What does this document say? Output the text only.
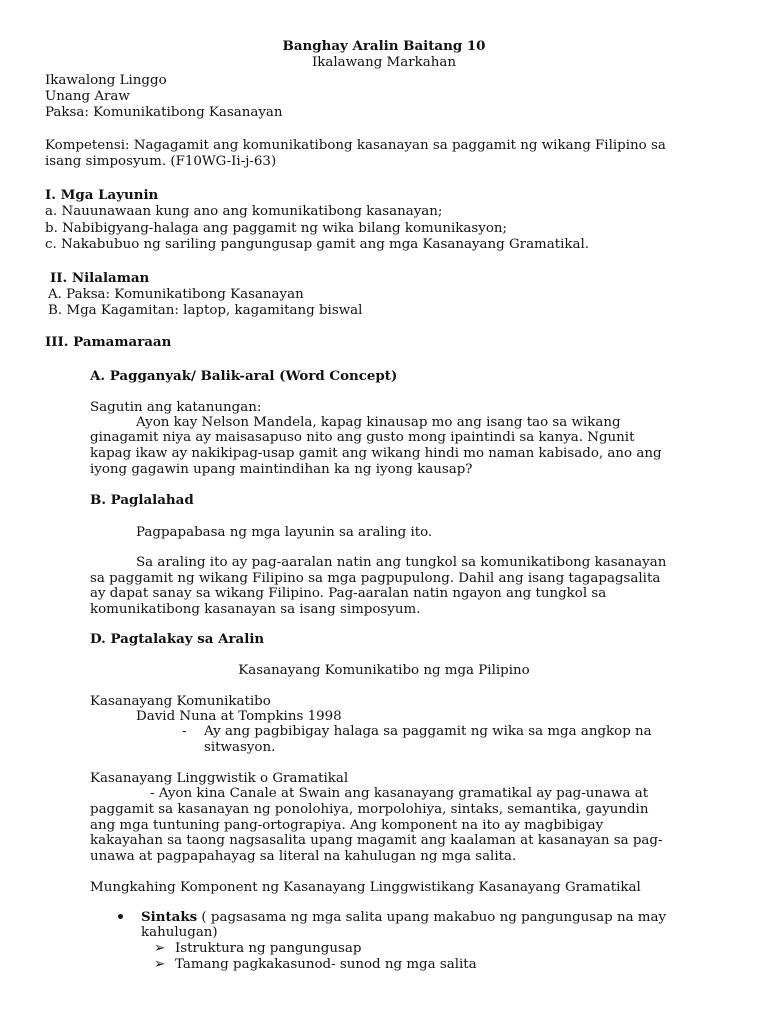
Banghay Aralin Baitang 10
Ikalawang Markahan
Ikawalong Linggo
Unang Araw
Paksa: Komunikatibong Kasanayan
Kompetensi: Nagagamit ang komunikatibong kasanayan sa paggamit ng wikang Filipino sa
isang simposyum. (F10WG-Ii-j-63)
I. Mga Layunin
a. Nauunawaan kung ano ang komunikatibong kasanayan;
b. Nabibigyang-halaga ang paggamit ng wika bilang komunikasyon;
c. Nakabubuo ng sariling pangungusap gamit ang mga Kasanayang Gramatikal.
II. Nilalaman
A. Paksa: Komunikatibong Kasanayan
B. Mga Kagamitan: laptop, kagamitang biswal
III. Pamamaraan
A. Pagganyak/ Balik-aral (Word Concept)
Sagutin ang katanungan:
Ayon kay Nelson Mandela, kapag kinausap mo ang isang tao sa wikang
ginagamit niya ay maisasapuso nito ang gusto mong ipaintindi sa kanya. Ngunit
kapag ikaw ay nakikipag-usap gamit ang wikang hindi mo naman kabisado, ano ang
iyong gagawin upang maintindihan ka ng iyong kausap?
B. Paglalahad
Pagpapabasa ng mga layunin sa araling ito.
Sa araling ito ay pag-aaralan natin ang tungkol sa komunikatibong kasanayan
sa paggamit ng wikang Filipino sa mga pagpupulong. Dahil ang isang tagapagsalita
ay dapat sanay sa wikang Filipino. Pag-aaralan natin ngayon ang tungkol sa
komunikatibong kasanayan sa isang simposyum.
D. Pagtalakay sa Aralin
Kasanayang Komunikatibo ng mga Pilipino
Kasanayang Komunikatibo
David Nuna at Tompkins 1998
- Ay ang pagbibigay halaga sa paggamit ng wika sa mga angkop na
sitwasyon.
Kasanayang Linggwistik o Gramatikal
- Ayon kina Canale at Swain ang kasanayang gramatikal ay pag-unawa at
paggamit sa kasanayan ng ponolohiya, morpolohiya, sintaks, semantika, gayundin
ang mga tuntuning pang-ortograpiya. Ang komponent na ito ay magbibigay
kakayahan sa taong nagsasalita upang magamit ang kaalaman at kasanayan sa pag-
unawa at pagpapahayag sa literal na kahulugan ng mga salita.
Mungkahing Komponent ng Kasanayang Linggwistikang Kasanayang Gramatikal
Sintaks ( pagsasama ng mga salita upang makabuo ng pangungusap na may
kahulugan)
➢ Istruktura ng pangungusap
➢ Tamang pagkakasunod- sunod ng mga salita
